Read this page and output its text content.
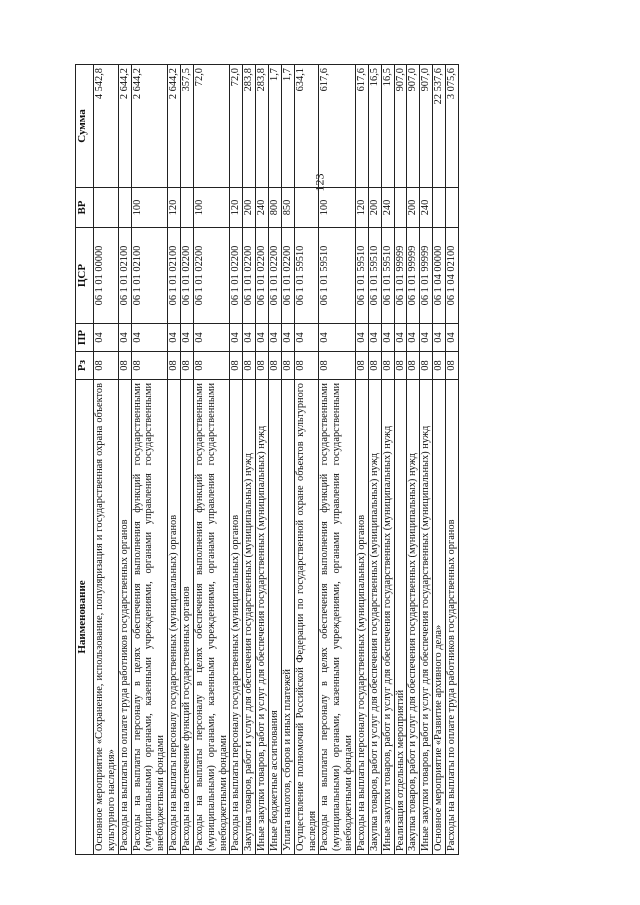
123
Наименование	Рз	ПР	ЦСР	ВР	Сумма
Основное мероприятие «Сохранение, использование, популяризация и государственная охрана объектов культурного наследия»	08	04	06 1 01 00000		4 542,8
Расходы на выплаты по оплате труда работников государственных органов	08	04	06 1 01 02100		2 644,2
Расходы на выплаты персоналу в целях обеспечения выполнения функций государственными (муниципальными) органами, казенными учреждениями, органами управления государственными внебюджетными фондами	08	04	06 1 01 02100	100	2 644,2
Расходы на выплаты персоналу государственных (муниципальных) органов	08	04	06 1 01 02100	120	2 644,2
Расходы на обеспечение функций государственных органов	08	04	06 1 01 02200		357,5
Расходы на выплаты персоналу в целях обеспечения выполнения функций государственными (муниципальными) органами, казенными учреждениями, органами управления государственными внебюджетными фондами	08	04	06 1 01 02200	100	72,0
Расходы на выплаты персоналу государственных (муниципальных) органов	08	04	06 1 01 02200	120	72,0
Закупка товаров, работ и услуг для обеспечения государственных (муниципальных) нужд	08	04	06 1 01 02200	200	283,8
Иные закупки товаров, работ и услуг для обеспечения государственных (муниципальных) нужд	08	04	06 1 01 02200	240	283,8
Иные бюджетные ассигнования	08	04	06 1 01 02200	800	1,7
Уплата налогов, сборов и иных платежей	08	04	06 1 01 02200	850	1,7
Осуществление полномочий Российской Федерации по государственной охране объектов культурного наследия	08	04	06 1 01 59510		634,1
Расходы на выплаты персоналу в целях обеспечения выполнения функций государственными (муниципальными) органами, казенными учреждениями, органами управления государственными внебюджетными фондами	08	04	06 1 01 59510	100	617,6
Расходы на выплаты персоналу государственных (муниципальных) органов	08	04	06 1 01 59510	120	617,6
Закупка товаров, работ и услуг для обеспечения государственных (муниципальных) нужд	08	04	06 1 01 59510	200	16,5
Иные закупки товаров, работ и услуг для обеспечения государственных (муниципальных) нужд	08	04	06 1 01 59510	240	16,5
Реализация отдельных мероприятий	08	04	06 1 01 99999		907,0
Закупка товаров, работ и услуг для обеспечения государственных (муниципальных) нужд	08	04	06 1 01 99999	200	907,0
Иные закупки товаров, работ и услуг для обеспечения государственных (муниципальных) нужд	08	04	06 1 01 99999	240	907,0
Основное мероприятие «Развитие архивного дела»	08	04	06 1 04 00000		22 537,6
Расходы на выплаты по оплате труда работников государственных органов	08	04	06 1 04 02100		3 075,6
